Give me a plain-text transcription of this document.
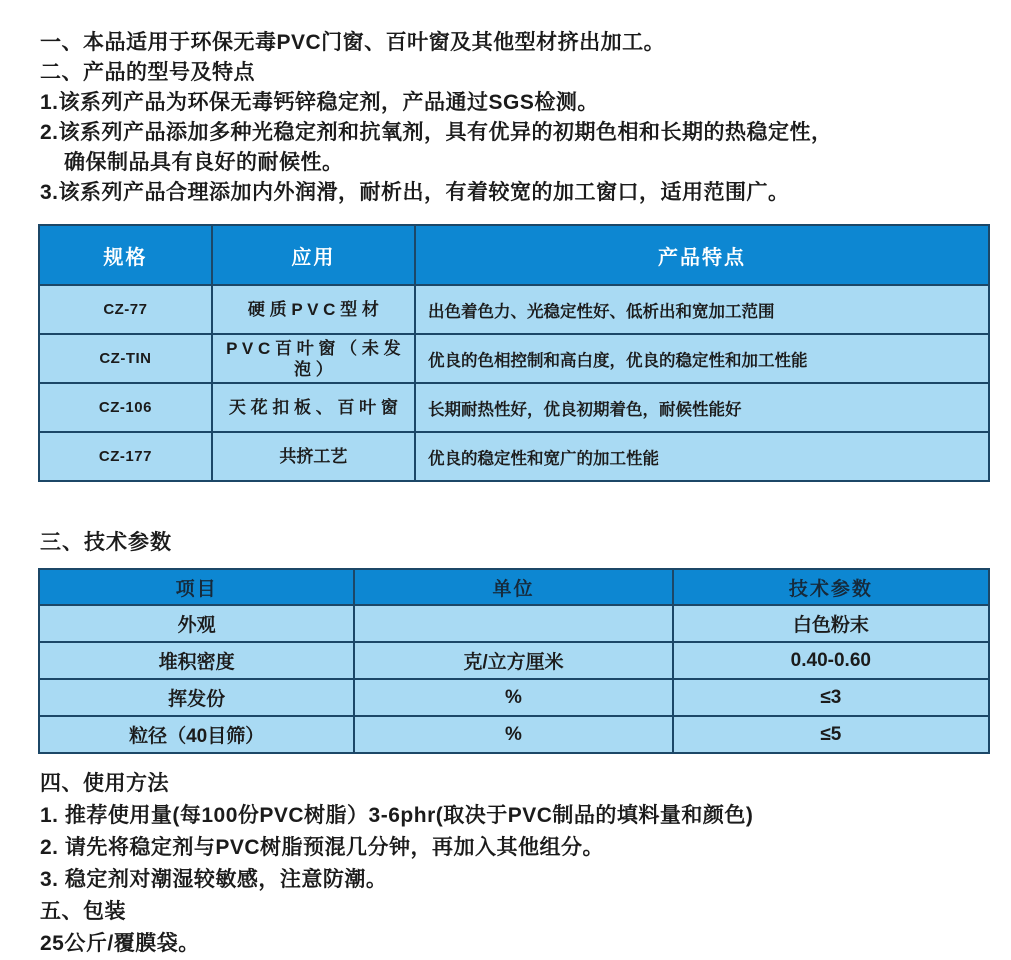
一、本品适用于环保无毒PVC门窗、百叶窗及其他型材挤出加工。

二、产品的型号及特点

1.该系列产品为环保无毒钙锌稳定剂，产品通过SGS检测。

2.该系列产品添加多种光稳定剂和抗氧剂，具有优异的初期色相和长期的热稳定性，

确保制品具有良好的耐候性。

3.该系列产品合理添加内外润滑，耐析出，有着较宽的加工窗口，适用范围广。

规格	应用	产品特点
CZ-77	硬 质 P V C 型 材	出色着色力、光稳定性好、低析出和宽加工范围
CZ-TIN	P V C 百 叶 窗 （ 未 发 泡 ）	优良的色相控制和高白度，优良的稳定性和加工性能
CZ-106	天 花 扣 板 、 百 叶 窗	长期耐热性好，优良初期着色，耐候性能好
CZ-177	共挤工艺	优良的稳定性和宽广的加工性能
三、技术参数
项目	单位	技术参数
外观		白色粉末
堆积密度	克/立方厘米	0.40-0.60
挥发份	%	≤3
粒径（40目筛）	%	≤5

四、使用方法

1. 推荐使用量(每100份PVC树脂）3-6phr(取决于PVC制品的填料量和颜色)

2. 请先将稳定剂与PVC树脂预混几分钟，再加入其他组分。

3. 稳定剂对潮湿较敏感，注意防潮。

五、包装

25公斤/覆膜袋。
